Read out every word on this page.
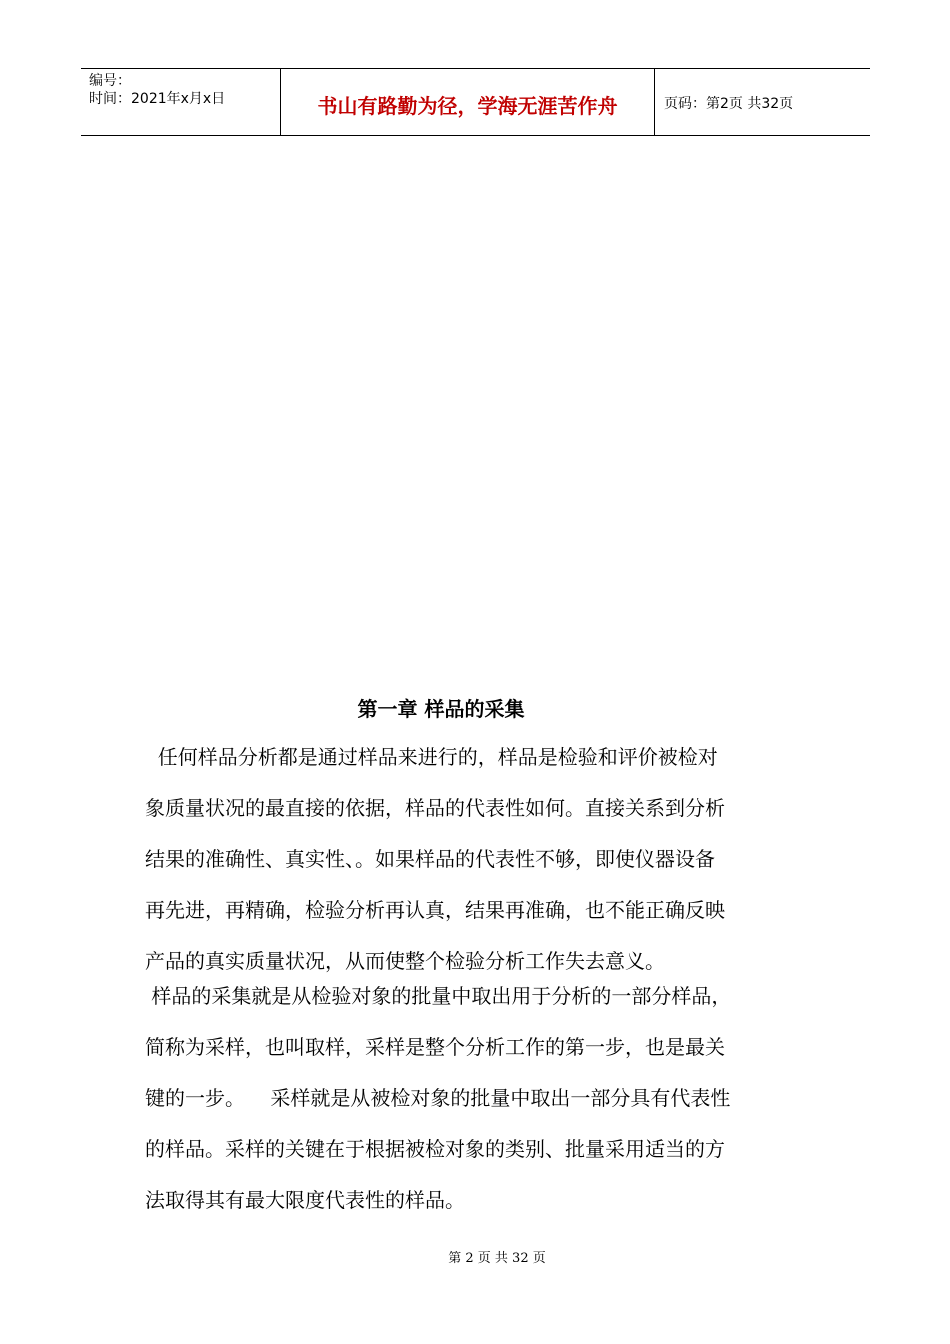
编号：
时间：2021年x月x日	书山有路勤为径，学海无涯苦作舟	页码：第2页 共32页
第一章 样品的采集

任何样品分析都是通过样品来进行的，样品是检验和评价被检对
象质量状况的最直接的依据，样品的代表性如何。直接关系到分析
结果的准确性、真实性、。如果样品的代表性不够，即使仪器设备
再先进，再精确，检验分析再认真，结果再准确，也不能正确反映
产品的真实质量状况，从而使整个检验分析工作失去意义。

样品的采集就是从检验对象的批量中取出用于分析的一部分样品，
简称为采样，也叫取样，采样是整个分析工作的第一步，也是最关
键的一步。    采样就是从被检对象的批量中取出一部分具有代表性
的样品。采样的关键在于根据被检对象的类别、批量采用适当的方
法取得其有最大限度代表性的样品。

第 2 页 共 32 页
